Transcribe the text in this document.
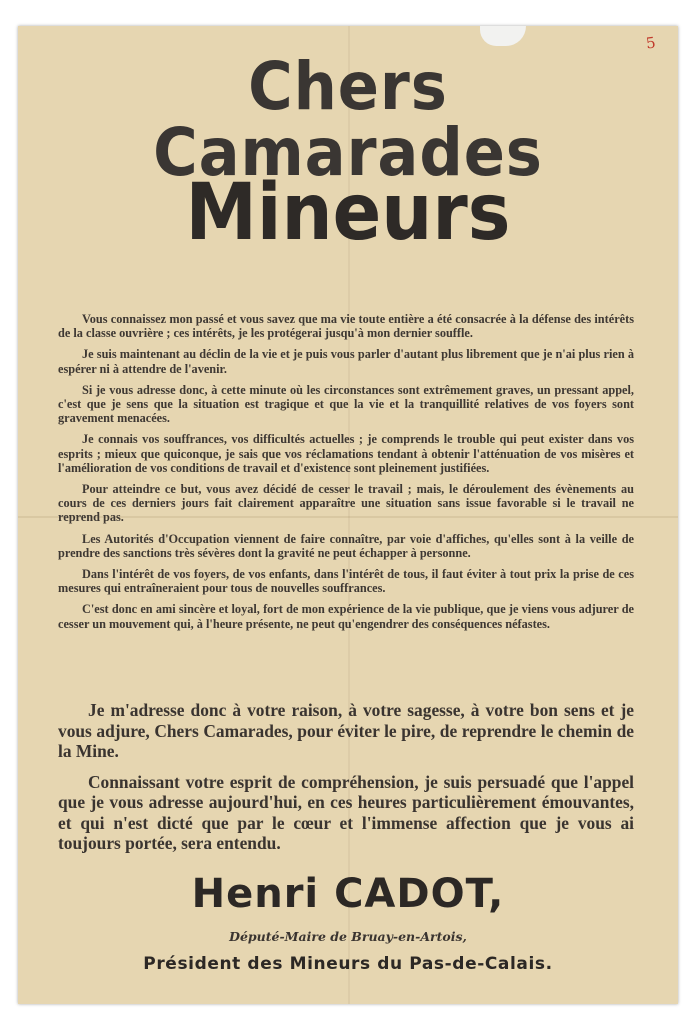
5
Chers Camarades
Mineurs

Vous connaissez mon passé et vous savez que ma vie toute entière a été consacrée à la défense des intérêts de la classe ouvrière ; ces intérêts, je les protégerai jusqu'à mon dernier souffle.

Je suis maintenant au déclin de la vie et je puis vous parler d'autant plus librement que je n'ai plus rien à espérer ni à attendre de l'avenir.

Si je vous adresse donc, à cette minute où les circonstances sont extrêmement graves, un pressant appel, c'est que je sens que la situation est tragique et que la vie et la tranquillité relatives de vos foyers sont gravement menacées.

Je connais vos souffrances, vos difficultés actuelles ; je comprends le trouble qui peut exister dans vos esprits ; mieux que quiconque, je sais que vos réclamations tendant à obtenir l'atténuation de vos misères et l'amélioration de vos conditions de travail et d'existence sont pleinement justifiées.

Pour atteindre ce but, vous avez décidé de cesser le travail ; mais, le déroulement des évènements au cours de ces derniers jours fait clairement apparaître une situation sans issue favorable si le travail ne reprend pas.

Les Autorités d'Occupation viennent de faire connaître, par voie d'affiches, qu'elles sont à la veille de prendre des sanctions très sévères dont la gravité ne peut échapper à personne.

Dans l'intérêt de vos foyers, de vos enfants, dans l'intérêt de tous, il faut éviter à tout prix la prise de ces mesures qui entraîneraient pour tous de nouvelles souffrances.

C'est donc en ami sincère et loyal, fort de mon expérience de la vie publique, que je viens vous adjurer de cesser un mouvement qui, à l'heure présente, ne peut qu'engendrer des conséquences néfastes.

Je m'adresse donc à votre raison, à votre sagesse, à votre bon sens et je vous adjure, Chers Camarades, pour éviter le pire, de reprendre le chemin de la Mine.

Connaissant votre esprit de compréhension, je suis persuadé que l'appel que je vous adresse aujourd'hui, en ces heures particulièrement émouvantes, et qui n'est dicté que par le cœur et l'immense affection que je vous ai toujours portée, sera entendu.

Henri CADOT,
Député-Maire de Bruay-en-Artois,
Président des Mineurs du Pas-de-Calais.
